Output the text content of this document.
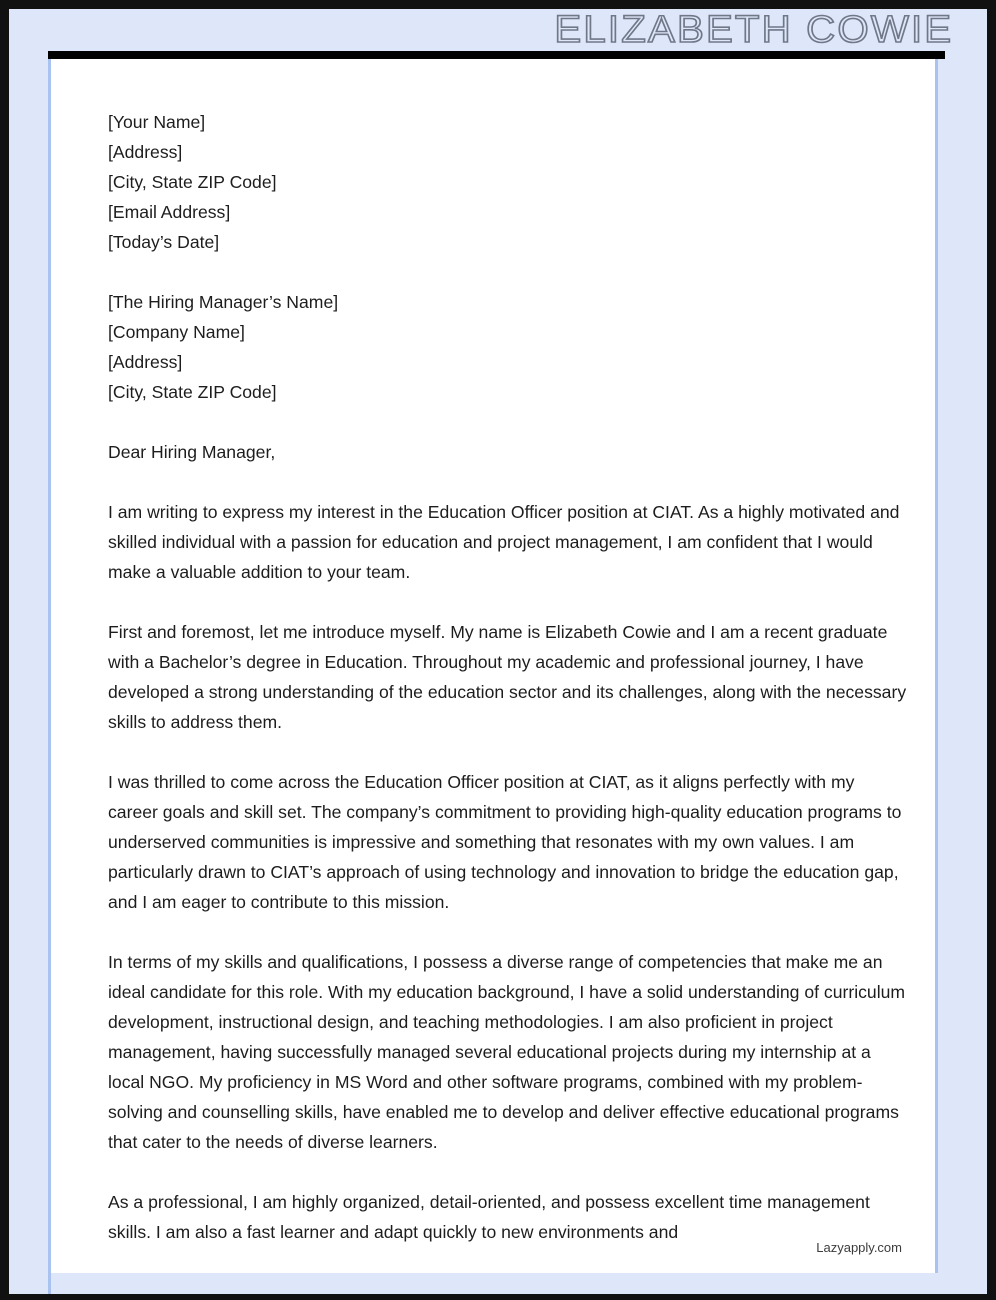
ELIZABETH COWIE
[Your Name]
[Address]
[City, State ZIP Code]
[Email Address]
[Today’s Date]
[The Hiring Manager’s Name]
[Company Name]
[Address]
[City, State ZIP Code]

Dear Hiring Manager,

I am writing to express my interest in the Education Officer position at CIAT. As a highly motivated and skilled individual with a passion for education and project management, I am confident that I would make a valuable addition to your team.

First and foremost, let me introduce myself. My name is Elizabeth Cowie and I am a recent graduate with a Bachelor’s degree in Education. Throughout my academic and professional journey, I have developed a strong understanding of the education sector and its challenges, along with the necessary skills to address them.

I was thrilled to come across the Education Officer position at CIAT, as it aligns perfectly with my career goals and skill set. The company’s commitment to providing high-quality education programs to underserved communities is impressive and something that resonates with my own values. I am particularly drawn to CIAT’s approach of using technology and innovation to bridge the education gap, and I am eager to contribute to this mission.

In terms of my skills and qualifications, I possess a diverse range of competencies that make me an ideal candidate for this role. With my education background, I have a solid understanding of curriculum development, instructional design, and teaching methodologies. I am also proficient in project management, having successfully managed several educational projects during my internship at a local NGO. My proficiency in MS Word and other software programs, combined with my problem-solving and counselling skills, have enabled me to develop and deliver effective educational programs that cater to the needs of diverse learners.

As a professional, I am highly organized, detail-oriented, and possess excellent time management skills. I am also a fast learner and adapt quickly to new environments and

Lazyapply.com
